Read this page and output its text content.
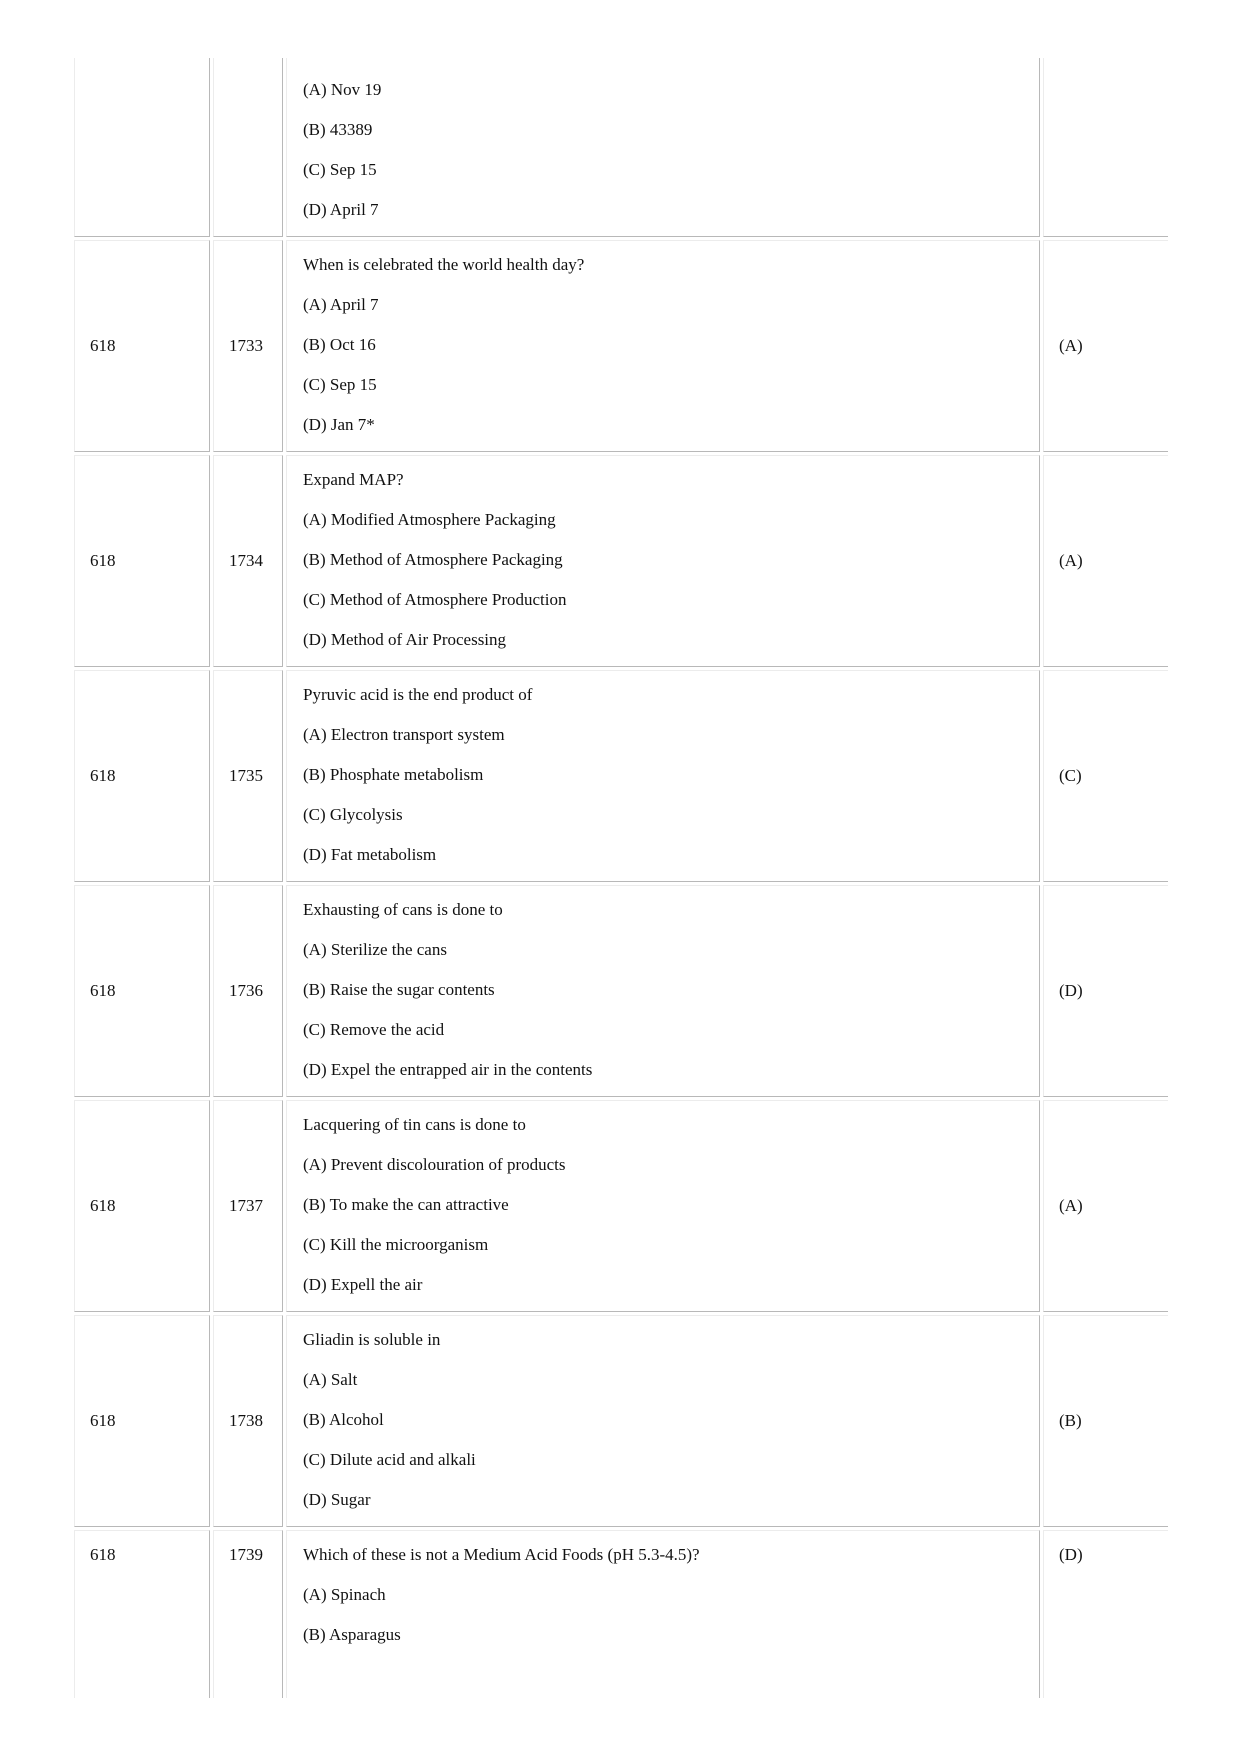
(A) Nov 19
(B) 43389
(C) Sep 15
(D) April 7	

618	1733	When is celebrated the world health day?
(A) April 7
(B) Oct 16
(C) Sep 15
(D) Jan 7*	(A)
618	1734	Expand MAP?
(A) Modified Atmosphere Packaging
(B) Method of Atmosphere Packaging
(C) Method of Atmosphere Production
(D) Method of Air Processing	(A)
618	1735	Pyruvic acid is the end product of
(A) Electron transport system
(B) Phosphate metabolism
(C) Glycolysis
(D) Fat metabolism	(C)
618	1736	Exhausting of cans is done to
(A) Sterilize the cans
(B) Raise the sugar contents
(C) Remove the acid
(D) Expel the entrapped air in the contents	(D)
618	1737	Lacquering of tin cans is done to
(A) Prevent discolouration of products
(B) To make the can attractive
(C) Kill the microorganism
(D) Expell the air	(A)
618	1738	Gliadin is soluble in
(A) Salt
(B) Alcohol
(C) Dilute acid and alkali
(D) Sugar	(B)
618	1739	Which of these is not a Medium Acid Foods (pH 5.3-4.5)?
(A) Spinach
(B) Asparagus	(D)
